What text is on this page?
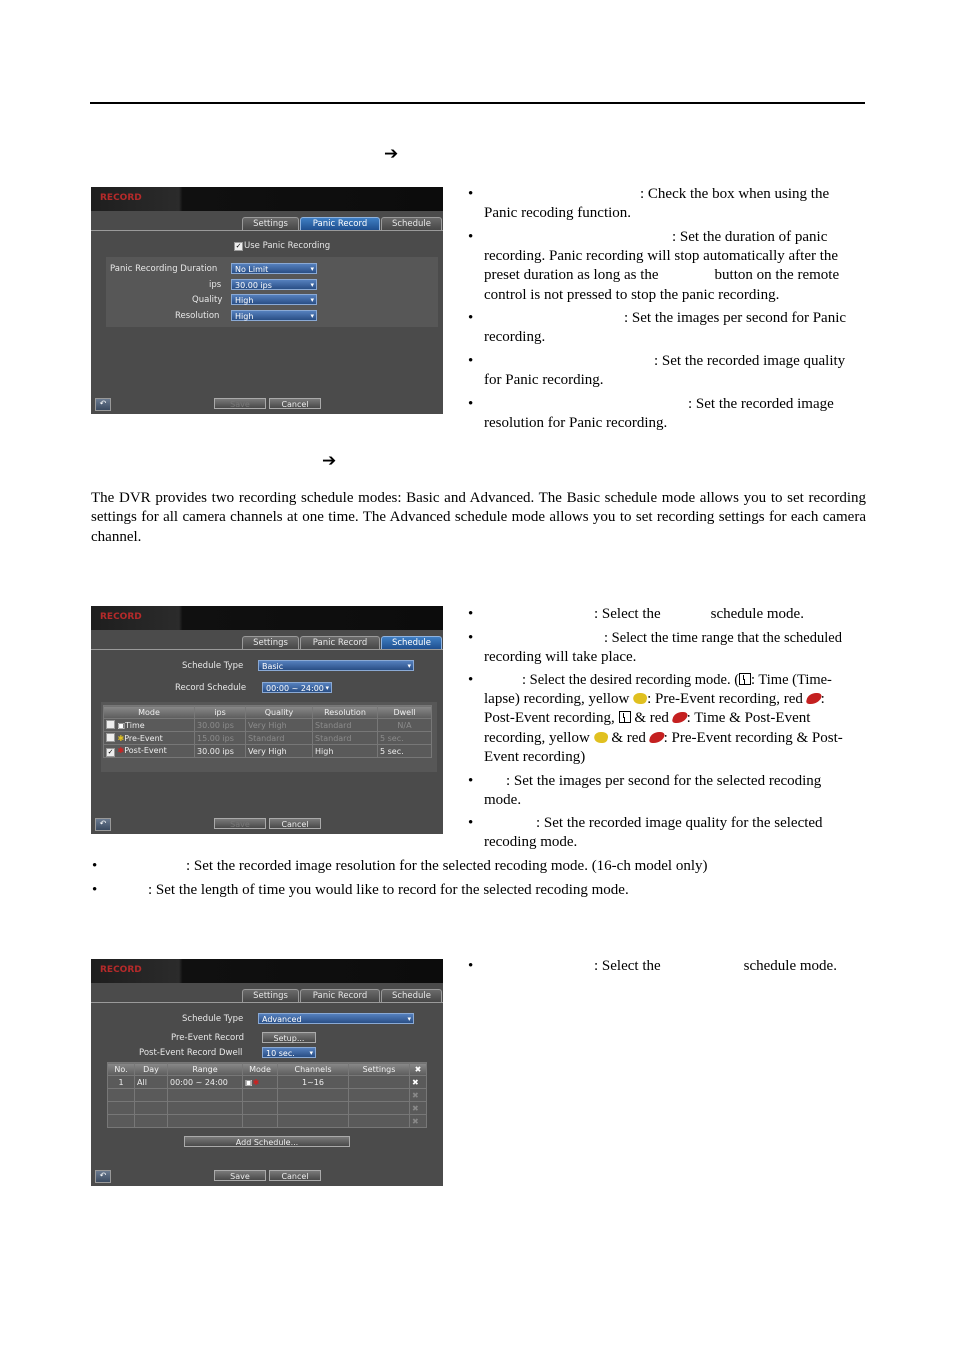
➔
RECORD
Settings	Panic Record	Schedule
✓ Use Panic Recording
Panic Recording Duration	No Limit ▾
ips	30.00 ips ▾
Quality	High ▾
Resolution	High ▾
↶	Save	Cancel
•	: Check the box when using the
Panic recoding function.
•	: Set the duration of panic
recording. Panic recording will stop automatically after the
preset duration as long as the	button on the remote
control is not pressed to stop the panic recording.
•	: Set the images per second for Panic
recording.
•	: Set the recorded image quality
for Panic recording.
•	: Set the recorded image
resolution for Panic recording.
➔
The DVR provides two recording schedule modes: Basic and Advanced. The Basic schedule mode allows you to set recording settings for all camera channels at one time. The Advanced schedule mode allows you to set recording settings for each camera channel.
RECORD
Settings	Panic Record	Schedule
Schedule Type	Basic ▾
Record Schedule	00:00 ~ 24:00 ▾
Mode	ips	Quality	Resolution	Dwell
▣Time	30.00 ips	Very High	Standard	N/A
✱Pre-Event	15.00 ips	Standard	Standard	5 sec.
✓ ✱Post-Event	30.00 ips	Very High	High	5 sec.
↶	Save	Cancel
•	: Select the	schedule mode.
•	: Select the time range that the scheduled
recording will take place.
•	: Select the desired recording mode. ( : Time (Time-
lapse) recording, yellow : Pre-Event recording, red :
Post-Event recording, & red : Time & Post-Event
recording, yellow & red : Pre-Event recording & Post-
Event recording)
•	: Set the images per second for the selected recoding
mode.
•	: Set the recorded image quality for the selected
recoding mode.
•	: Set the recorded image resolution for the selected recoding mode. (16-ch model only)
•	: Set the length of time you would like to record for the selected recoding mode.
RECORD
Settings	Panic Record	Schedule
Schedule Type	Advanced ▾
Pre-Event Record	Setup...
Post-Event Record Dwell	10 sec. ▾
No.	Day	Range	Mode	Channels	Settings	✖
1	All	00:00 ~ 24:00	▣✱	1~16		✖
						✖
						✖
						✖
Add Schedule...
↶	Save	Cancel
•	: Select the	schedule mode.
